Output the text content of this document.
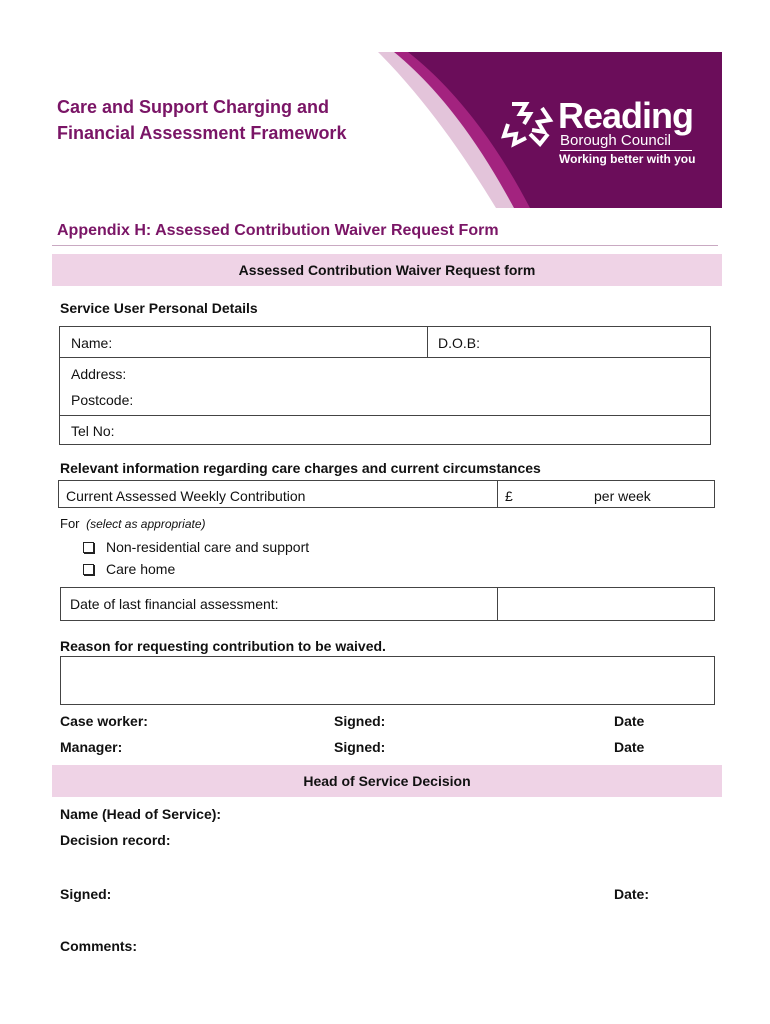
Care and Support Charging and
Financial Assessment Framework	Reading
Borough Council
Working better with you
Appendix H: Assessed Contribution Waiver Request Form
Assessed Contribution Waiver Request form
Service User Personal Details
Name:	D.O.B:
Address:
Postcode:
Tel No:
Relevant information regarding care charges and current circumstances
Current Assessed Weekly Contribution	£	per week
For (select as appropriate)
Non-residential care and support
Care home
Date of last financial assessment:
Reason for requesting contribution to be waived.
Case worker:	Signed:	Date
Manager:	Signed:	Date
Head of Service Decision
Name (Head of Service):
Decision record:
Signed:	Date:
Comments:
